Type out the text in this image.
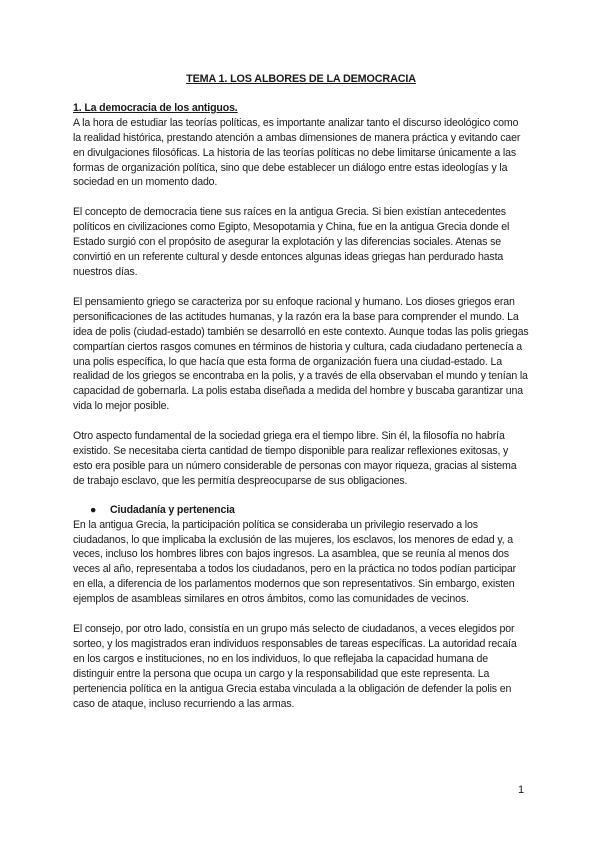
TEMA 1. LOS ALBORES DE LA DEMOCRACIA
1. La democracia de los antiguos.

A la hora de estudiar las teorías políticas, es importante analizar tanto el discurso ideológico como la realidad histórica, prestando atención a ambas dimensiones de manera práctica y evitando caer en divulgaciones filosóficas. La historia de las teorías políticas no debe limitarse únicamente a las formas de organización política, sino que debe establecer un diálogo entre estas ideologías y la sociedad en un momento dado.

El concepto de democracia tiene sus raíces en la antigua Grecia. Si bien existían antecedentes políticos en civilizaciones como Egipto, Mesopotamia y China, fue en la antigua Grecia donde el Estado surgió con el propósito de asegurar la explotación y las diferencias sociales. Atenas se convirtió en un referente cultural y desde entonces algunas ideas griegas han perdurado hasta nuestros días.

El pensamiento griego se caracteriza por su enfoque racional y humano. Los dioses griegos eran personificaciones de las actitudes humanas, y la razón era la base para comprender el mundo. La idea de polis (ciudad-estado) también se desarrolló en este contexto. Aunque todas las polis griegas compartían ciertos rasgos comunes en términos de historia y cultura, cada ciudadano pertenecía a una polis específica, lo que hacía que esta forma de organización fuera una ciudad-estado. La realidad de los griegos se encontraba en la polis, y a través de ella observaban el mundo y tenían la capacidad de gobernarla. La polis estaba diseñada a medida del hombre y buscaba garantizar una vida lo mejor posible.

Otro aspecto fundamental de la sociedad griega era el tiempo libre. Sin él, la filosofía no habría existido. Se necesitaba cierta cantidad de tiempo disponible para realizar reflexiones exitosas, y esto era posible para un número considerable de personas con mayor riqueza, gracias al sistema de trabajo esclavo, que les permitía despreocuparse de sus obligaciones.

●	Ciudadanía y pertenencia

En la antigua Grecia, la participación política se consideraba un privilegio reservado a los ciudadanos, lo que implicaba la exclusión de las mujeres, los esclavos, los menores de edad y, a veces, incluso los hombres libres con bajos ingresos. La asamblea, que se reunía al menos dos veces al año, representaba a todos los ciudadanos, pero en la práctica no todos podían participar en ella, a diferencia de los parlamentos modernos que son representativos. Sin embargo, existen ejemplos de asambleas similares en otros ámbitos, como las comunidades de vecinos.

El consejo, por otro lado, consistía en un grupo más selecto de ciudadanos, a veces elegidos por sorteo, y los magistrados eran individuos responsables de tareas específicas. La autoridad recaía en los cargos e instituciones, no en los individuos, lo que reflejaba la capacidad humana de distinguir entre la persona que ocupa un cargo y la responsabilidad que este representa. La pertenencia política en la antigua Grecia estaba vinculada a la obligación de defender la polis en caso de ataque, incluso recurriendo a las armas.

1
